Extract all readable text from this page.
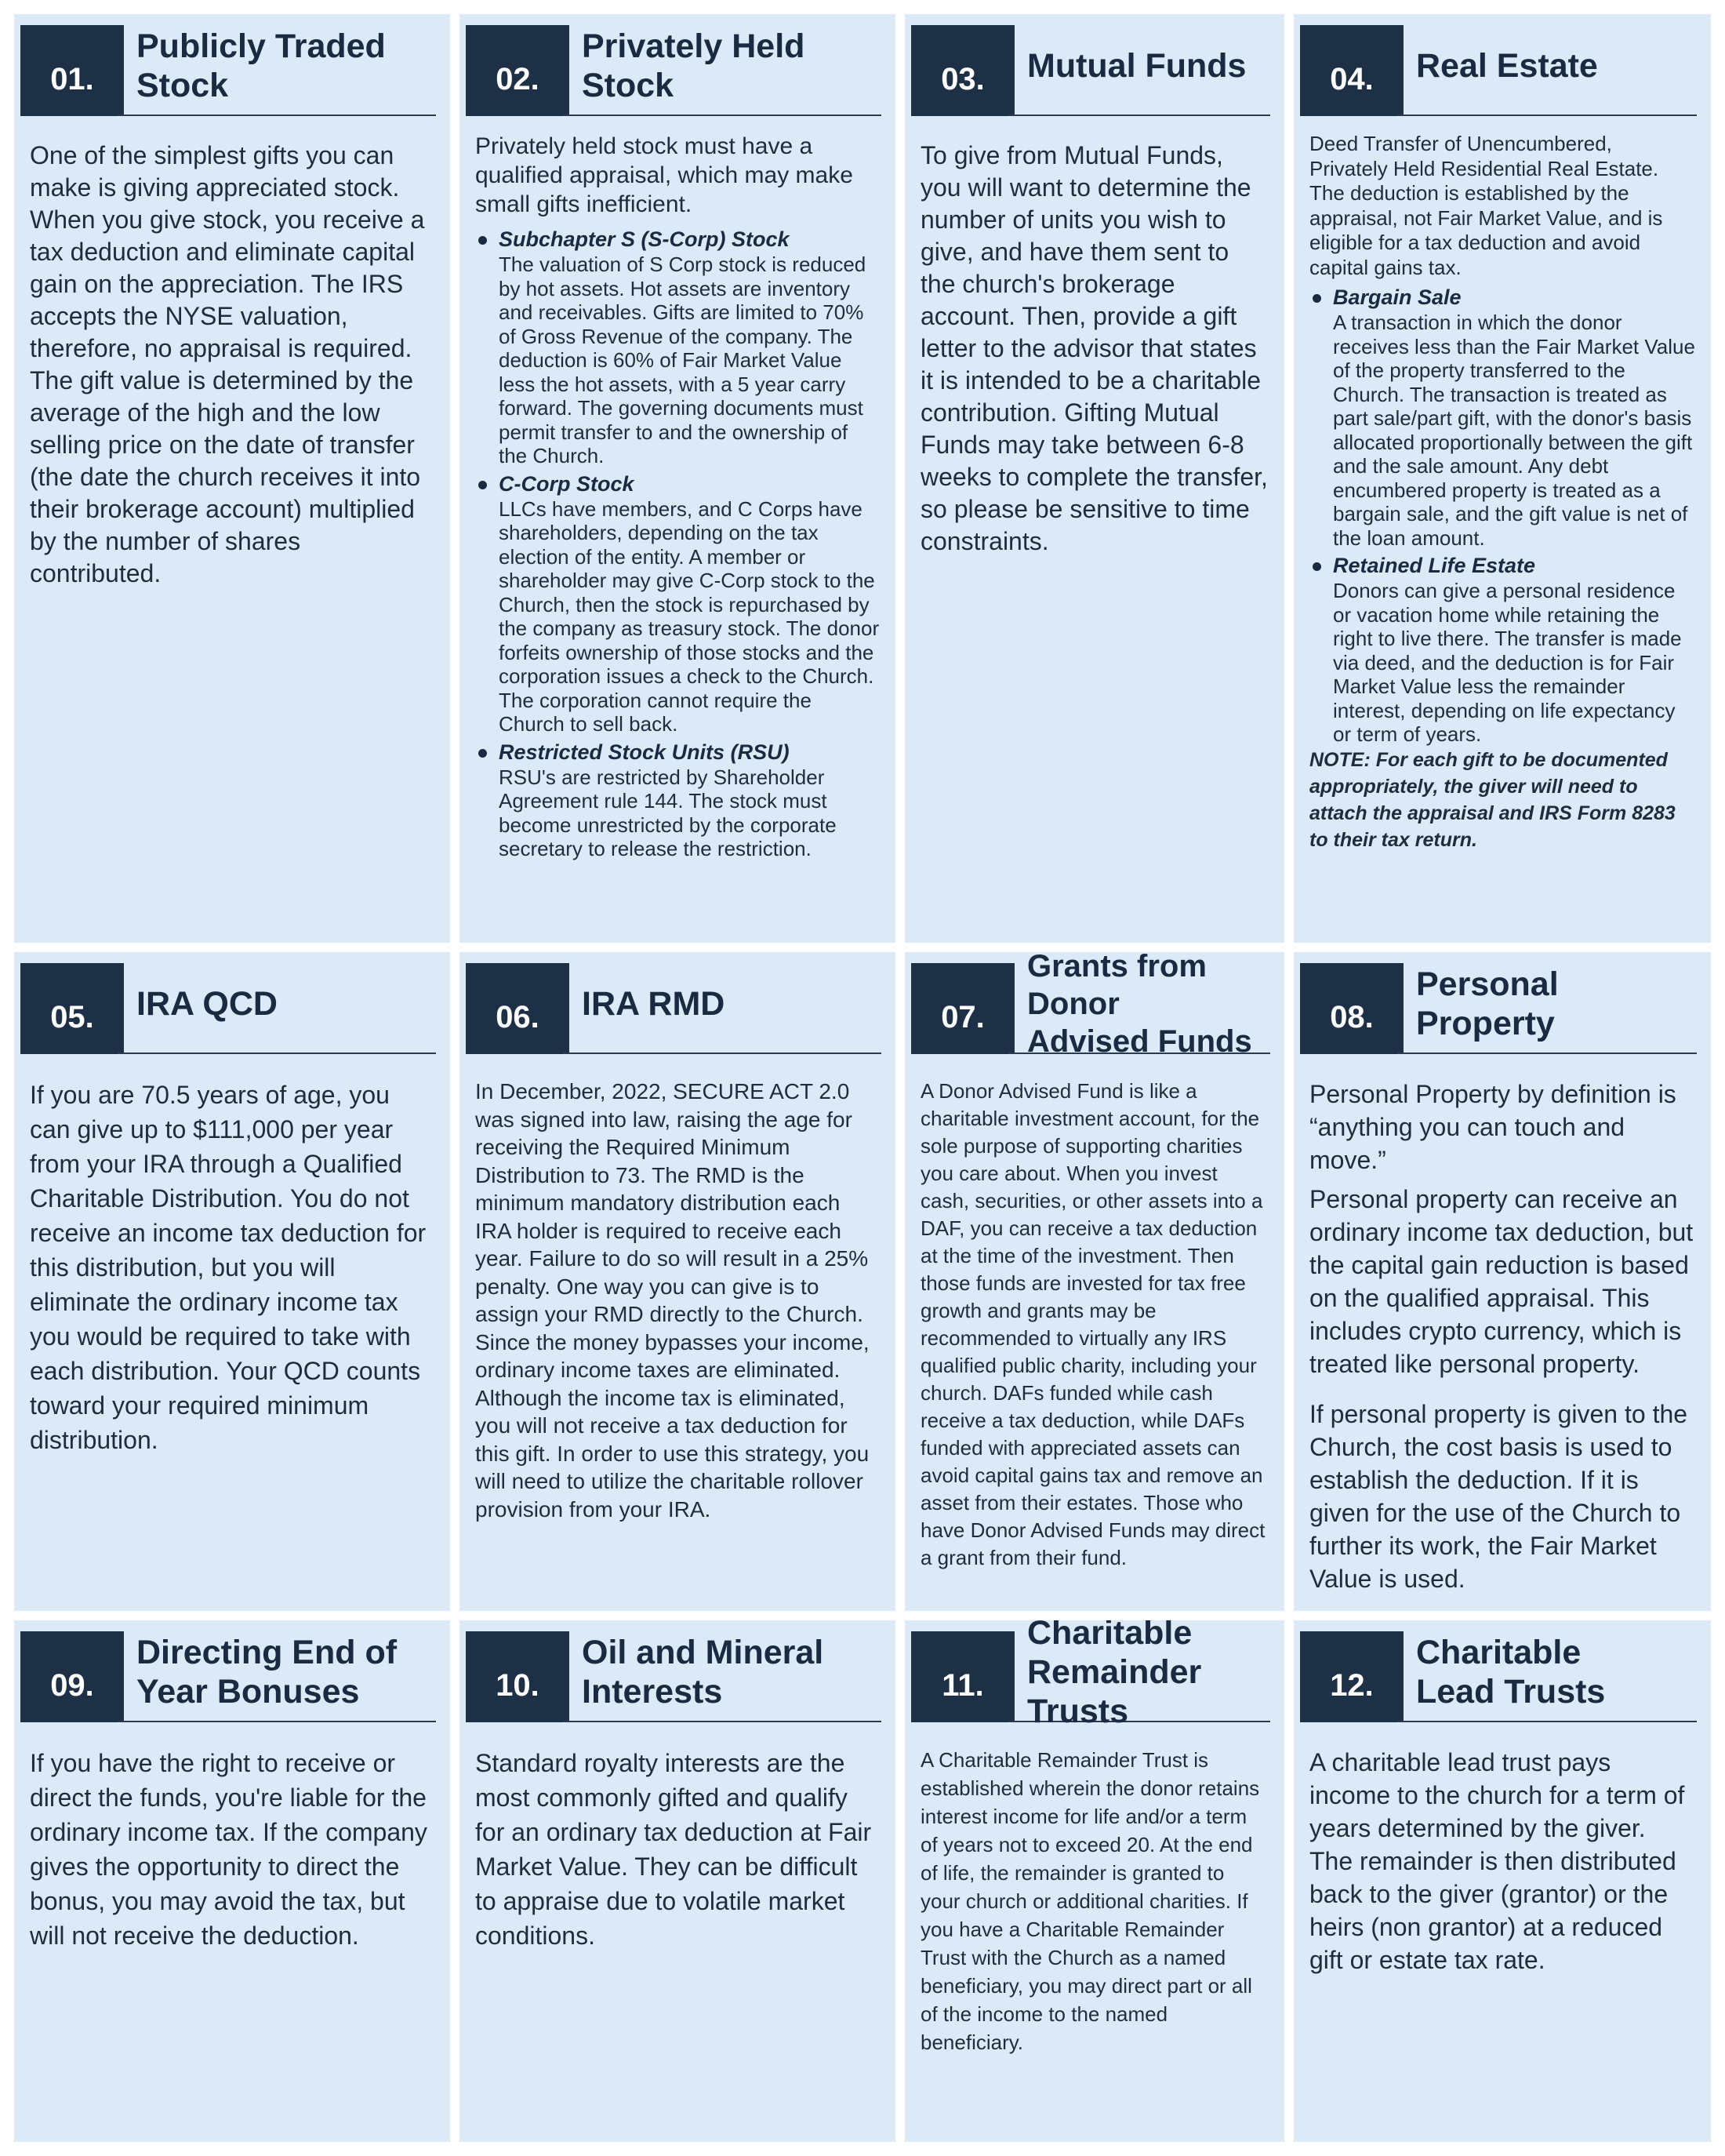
01.
Publicly Traded Stock

One of the simplest gifts you can make is giving appreciated stock. When you give stock, you receive a tax deduction and eliminate capital gain on the appreciation. The IRS accepts the NYSE valuation, therefore, no appraisal is required. The gift value is determined by the average of the high and the low selling price on the date of transfer (the date the church receives it into their brokerage account) multiplied by the number of shares contributed.

02.
Privately Held Stock

Privately held stock must have a qualified appraisal, which may make small gifts inefficient.

Subchapter S (S-Corp) Stock
The valuation of S Corp stock is reduced by hot assets. Hot assets are inventory and receivables. Gifts are limited to 70% of Gross Revenue of the company. The deduction is 60% of Fair Market Value less the hot assets, with a 5 year carry forward. The governing documents must permit transfer to and the ownership of the Church.
C-Corp Stock
LLCs have members, and C Corps have shareholders, depending on the tax election of the entity. A member or shareholder may give C-Corp stock to the Church, then the stock is repurchased by the company as treasury stock. The donor forfeits ownership of those stocks and the corporation issues a check to the Church. The corporation cannot require the Church to sell back.
Restricted Stock Units (RSU)
RSU's are restricted by Shareholder Agreement rule 144. The stock must become unrestricted by the corporate secretary to release the restriction.
03.	Mutual Funds

To give from Mutual Funds, you will want to determine the number of units you wish to give, and have them sent to the church's brokerage account. Then, provide a gift letter to the advisor that states it is intended to be a charitable contribution. Gifting Mutual Funds may take between 6-8 weeks to complete the transfer, so please be sensitive to time constraints.

04.	Real Estate

Deed Transfer of Unencumbered, Privately Held Residential Real Estate. The deduction is established by the appraisal, not Fair Market Value, and is eligible for a tax deduction and avoid capital gains tax.

Bargain Sale
A transaction in which the donor receives less than the Fair Market Value of the property transferred to the Church. The transaction is treated as part sale/part gift, with the donor's basis allocated proportionally between the gift and the sale amount. Any debt encumbered property is treated as a bargain sale, and the gift value is net of the loan amount.
Retained Life Estate
Donors can give a personal residence or vacation home while retaining the right to live there. The transfer is made via deed, and the deduction is for Fair Market Value less the remainder interest, depending on life expectancy or term of years.

NOTE: For each gift to be documented appropriately, the giver will need to attach the appraisal and IRS Form 8283 to their tax return.

05.	IRA QCD

If you are 70.5 years of age, you can give up to $111,000 per year from your IRA through a Qualified Charitable Distribution. You do not receive an income tax deduction for this distribution, but you will eliminate the ordinary income tax you would be required to take with each distribution. Your QCD counts toward your required minimum distribution.

06.	IRA RMD

In December, 2022, SECURE ACT 2.0 was signed into law, raising the age for receiving the Required Minimum Distribution to 73. The RMD is the minimum mandatory distribution each IRA holder is required to receive each year. Failure to do so will result in a 25% penalty. One way you can give is to assign your RMD directly to the Church. Since the money bypasses your income, ordinary income taxes are eliminated. Although the income tax is eliminated, you will not receive a tax deduction for this gift. In order to use this strategy, you will need to utilize the charitable rollover provision from your IRA.

07.
Grants from Donor
Advised Funds

A Donor Advised Fund is like a charitable investment account, for the sole purpose of supporting charities you care about. When you invest cash, securities, or other assets into a DAF, you can receive a tax deduction at the time of the investment. Then those funds are invested for tax free growth and grants may be recommended to virtually any IRS qualified public charity, including your church. DAFs funded while cash receive a tax deduction, while DAFs funded with appreciated assets can avoid capital gains tax and remove an asset from their estates. Those who have Donor Advised Funds may direct a grant from their fund.

08.
Personal Property

Personal Property by definition is “anything you can touch and move.”

Personal property can receive an ordinary income tax deduction, but the capital gain reduction is based on the qualified appraisal. This includes crypto currency, which is treated like personal property.

If personal property is given to the Church, the cost basis is used to establish the deduction. If it is given for the use of the Church to further its work, the Fair Market Value is used.

09.
Directing End of
Year Bonuses

If you have the right to receive or direct the funds, you're liable for the ordinary income tax. If the company gives the opportunity to direct the bonus, you may avoid the tax, but will not receive the deduction.

10.
Oil and Mineral
Interests

Standard royalty interests are the most commonly gifted and qualify for an ordinary tax deduction at Fair Market Value. They can be difficult to appraise due to volatile market conditions.

11.
Charitable
Remainder Trusts

A Charitable Remainder Trust is established wherein the donor retains interest income for life and/or a term of years not to exceed 20. At the end of life, the remainder is granted to your church or additional charities. If you have a Charitable Remainder Trust with the Church as a named beneficiary, you may direct part or all of the income to the named beneficiary.

12.
Charitable
Lead Trusts

A charitable lead trust pays income to the church for a term of years determined by the giver. The remainder is then distributed back to the giver (grantor) or the heirs (non grantor) at a reduced gift or estate tax rate.
